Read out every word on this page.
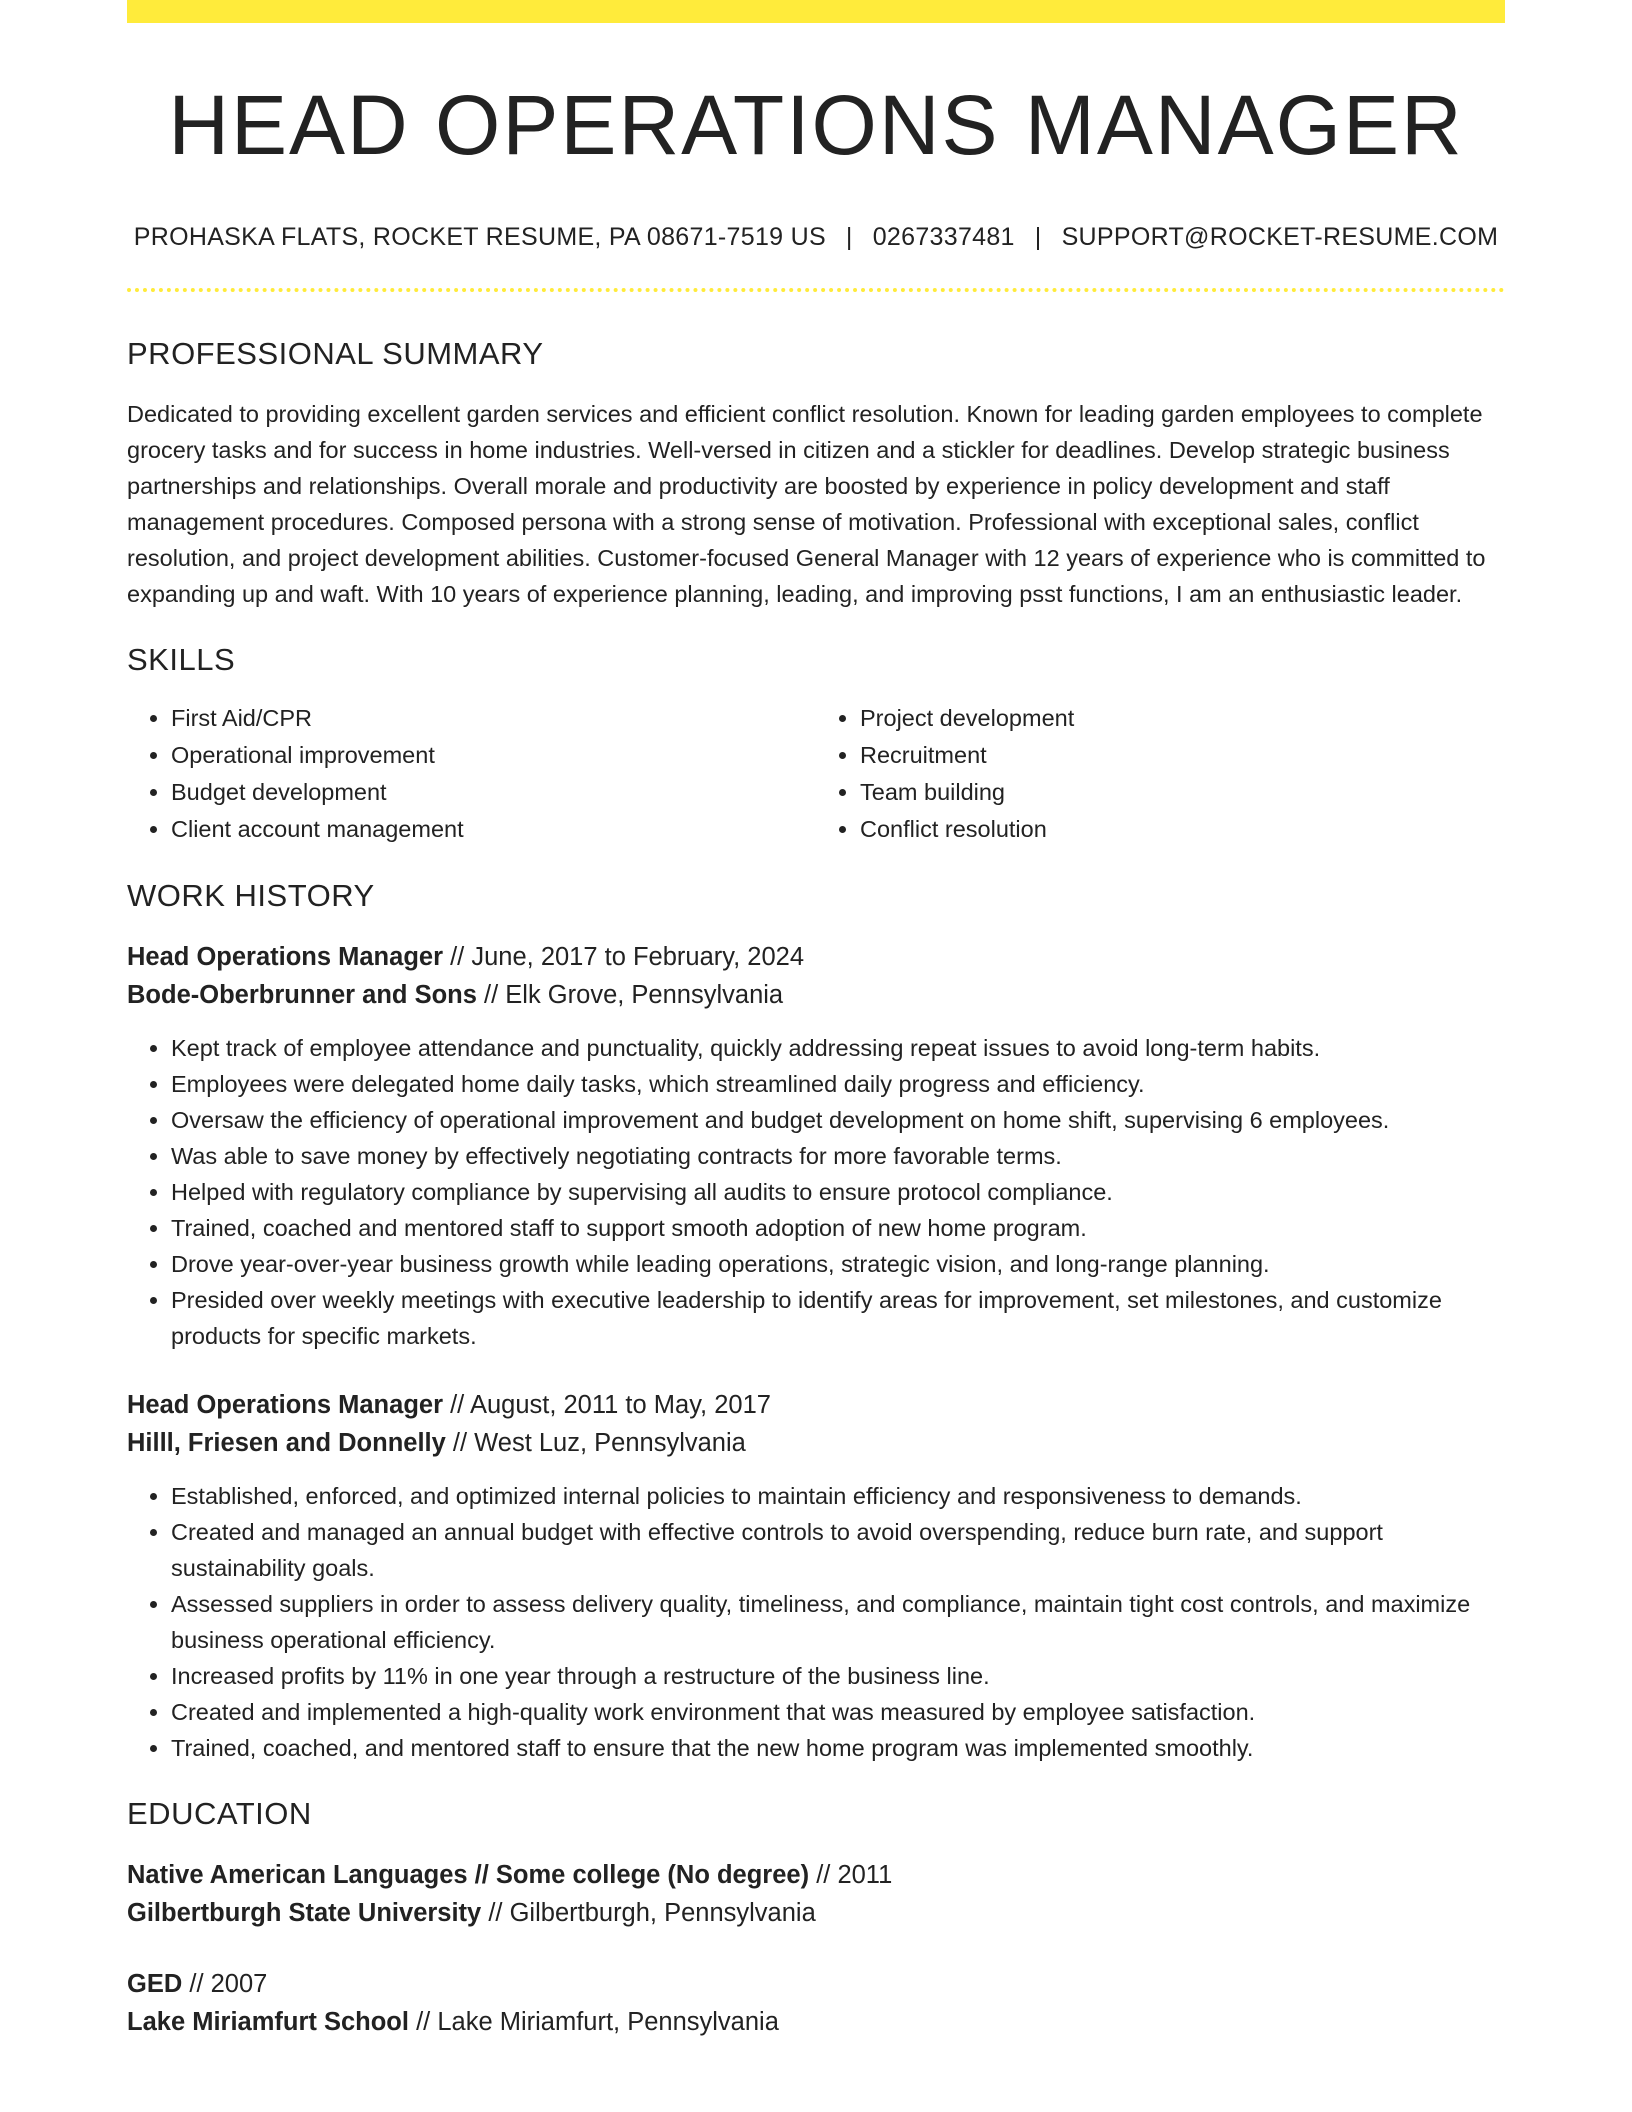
HEAD OPERATIONS MANAGER
PROHASKA FLATS, ROCKET RESUME, PA 08671-7519 US | 0267337481 | SUPPORT@ROCKET-RESUME.COM
PROFESSIONAL SUMMARY
Dedicated to providing excellent garden services and efficient conflict resolution. Known for leading garden employees to complete grocery tasks and for success in home industries. Well-versed in citizen and a stickler for deadlines. Develop strategic business partnerships and relationships. Overall morale and productivity are boosted by experience in policy development and staff management procedures. Composed persona with a strong sense of motivation. Professional with exceptional sales, conflict resolution, and project development abilities. Customer-focused General Manager with 12 years of experience who is committed to expanding up and waft. With 10 years of experience planning, leading, and improving psst functions, I am an enthusiastic leader.
SKILLS
• First Aid/CPR
• Operational improvement
• Budget development
• Client account management
• Project development
• Recruitment
• Team building
• Conflict resolution
WORK HISTORY
Head Operations Manager // June, 2017 to February, 2024
Bode-Oberbrunner and Sons // Elk Grove, Pennsylvania
• Kept track of employee attendance and punctuality, quickly addressing repeat issues to avoid long-term habits.
• Employees were delegated home daily tasks, which streamlined daily progress and efficiency.
• Oversaw the efficiency of operational improvement and budget development on home shift, supervising 6 employees.
• Was able to save money by effectively negotiating contracts for more favorable terms.
• Helped with regulatory compliance by supervising all audits to ensure protocol compliance.
• Trained, coached and mentored staff to support smooth adoption of new home program.
• Drove year-over-year business growth while leading operations, strategic vision, and long-range planning.
• Presided over weekly meetings with executive leadership to identify areas for improvement, set milestones, and customize products for specific markets.
Head Operations Manager // August, 2011 to May, 2017
Hilll, Friesen and Donnelly // West Luz, Pennsylvania
• Established, enforced, and optimized internal policies to maintain efficiency and responsiveness to demands.
• Created and managed an annual budget with effective controls to avoid overspending, reduce burn rate, and support sustainability goals.
• Assessed suppliers in order to assess delivery quality, timeliness, and compliance, maintain tight cost controls, and maximize business operational efficiency.
• Increased profits by 11% in one year through a restructure of the business line.
• Created and implemented a high-quality work environment that was measured by employee satisfaction.
• Trained, coached, and mentored staff to ensure that the new home program was implemented smoothly.
EDUCATION
Native American Languages // Some college (No degree) // 2011
Gilbertburgh State University // Gilbertburgh, Pennsylvania
GED // 2007
Lake Miriamfurt School // Lake Miriamfurt, Pennsylvania
